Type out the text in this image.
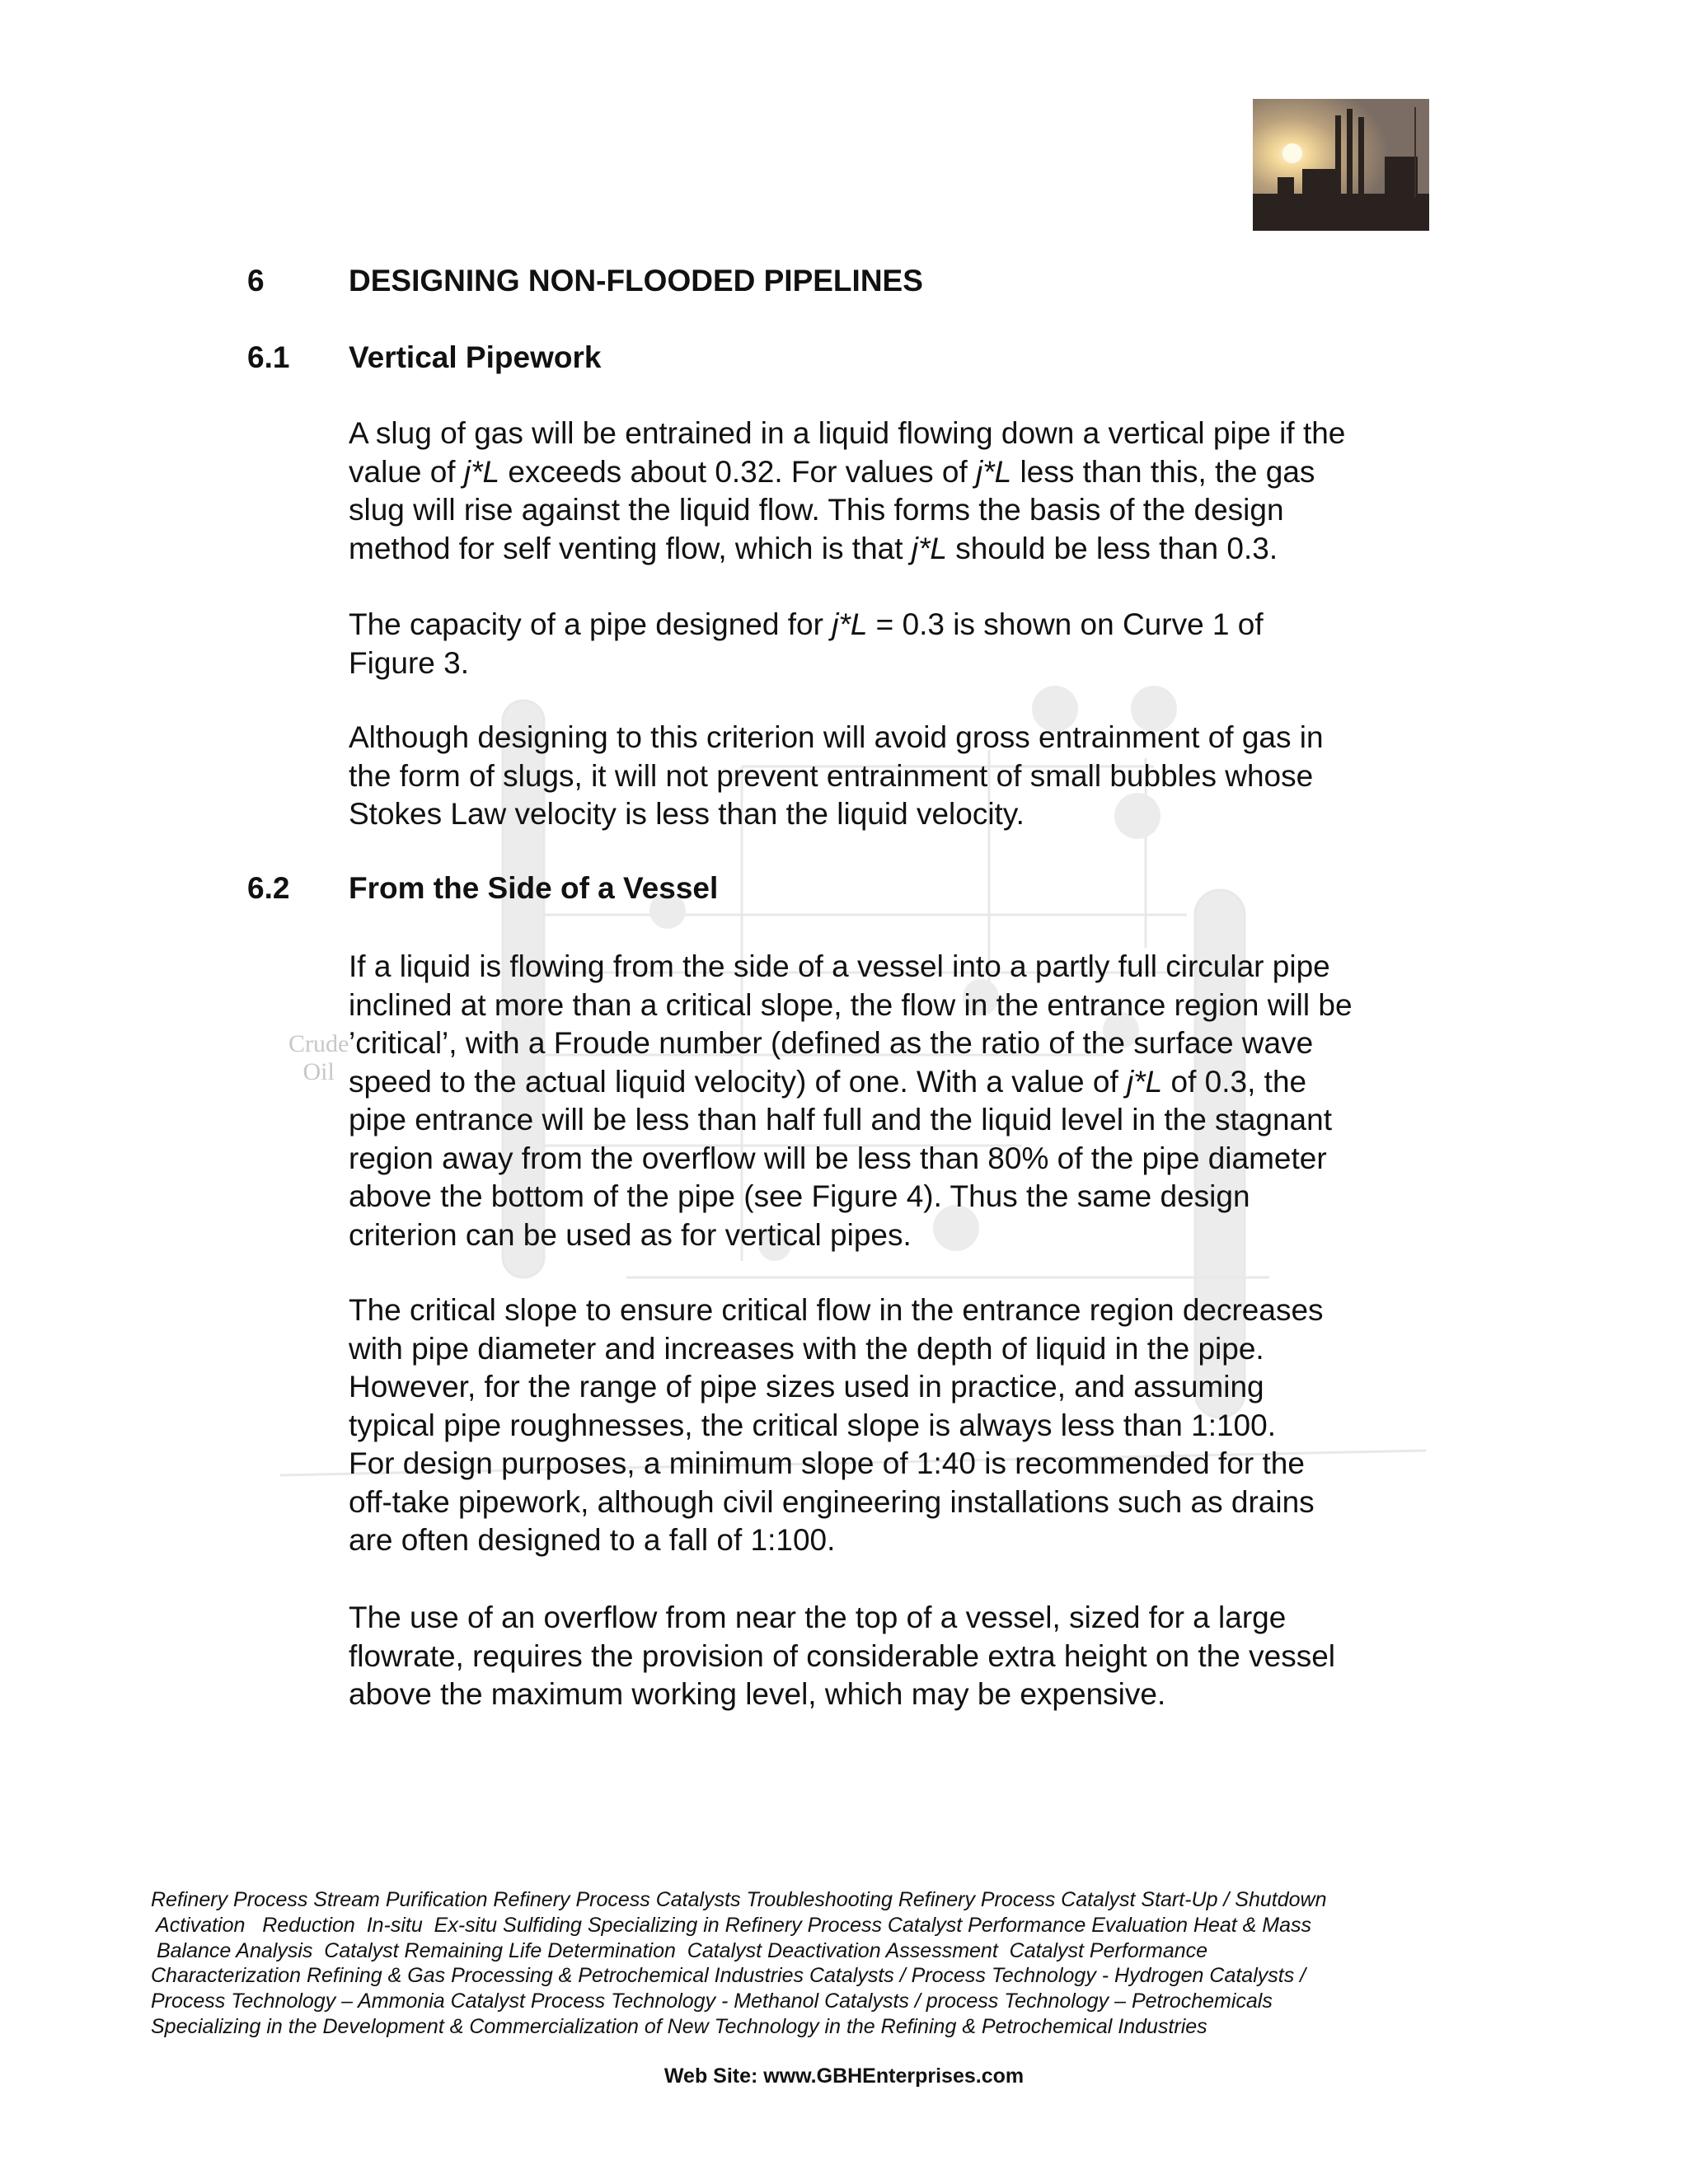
Crude
Oil
6	DESIGNING NON-FLOODED PIPELINES
6.1 Vertical Pipework

A slug of gas will be entrained in a liquid flowing down a vertical pipe if the
value of j*L exceeds about 0.32. For values of j*L less than this, the gas
slug will rise against the liquid flow. This forms the basis of the design
method for self venting flow, which is that j*L should be less than 0.3.

The capacity of a pipe designed for j*L = 0.3 is shown on Curve 1 of
Figure 3.

Although designing to this criterion will avoid gross entrainment of gas in
the form of slugs, it will not prevent entrainment of small bubbles whose
Stokes Law velocity is less than the liquid velocity.

6.2 From the Side of a Vessel

If a liquid is flowing from the side of a vessel into a partly full circular pipe
inclined at more than a critical slope, the flow in the entrance region will be
’critical’, with a Froude number (defined as the ratio of the surface wave
speed to the actual liquid velocity) of one. With a value of j*L of 0.3, the
pipe entrance will be less than half full and the liquid level in the stagnant
region away from the overflow will be less than 80% of the pipe diameter
above the bottom of the pipe (see Figure 4). Thus the same design
criterion can be used as for vertical pipes.

The critical slope to ensure critical flow in the entrance region decreases
with pipe diameter and increases with the depth of liquid in the pipe.
However, for the range of pipe sizes used in practice, and assuming
typical pipe roughnesses, the critical slope is always less than 1:100.
For design purposes, a minimum slope of 1:40 is recommended for the
off-take pipework, although civil engineering installations such as drains
are often designed to a fall of 1:100.

The use of an overflow from near the top of a vessel, sized for a large
flowrate, requires the provision of considerable extra height on the vessel
above the maximum working level, which may be expensive.

Refinery Process Stream Purification Refinery Process Catalysts Troubleshooting Refinery Process Catalyst Start-Up / Shutdown
Activation   Reduction  In-situ  Ex-situ Sulfiding Specializing in Refinery Process Catalyst Performance Evaluation Heat & Mass
Balance Analysis  Catalyst Remaining Life Determination  Catalyst Deactivation Assessment  Catalyst Performance
Characterization Refining & Gas Processing & Petrochemical Industries Catalysts / Process Technology - Hydrogen Catalysts /
Process Technology – Ammonia Catalyst Process Technology - Methanol Catalysts / process Technology – Petrochemicals
Specializing in the Development & Commercialization of New Technology in the Refining & Petrochemical Industries

Web Site: www.GBHEnterprises.com
